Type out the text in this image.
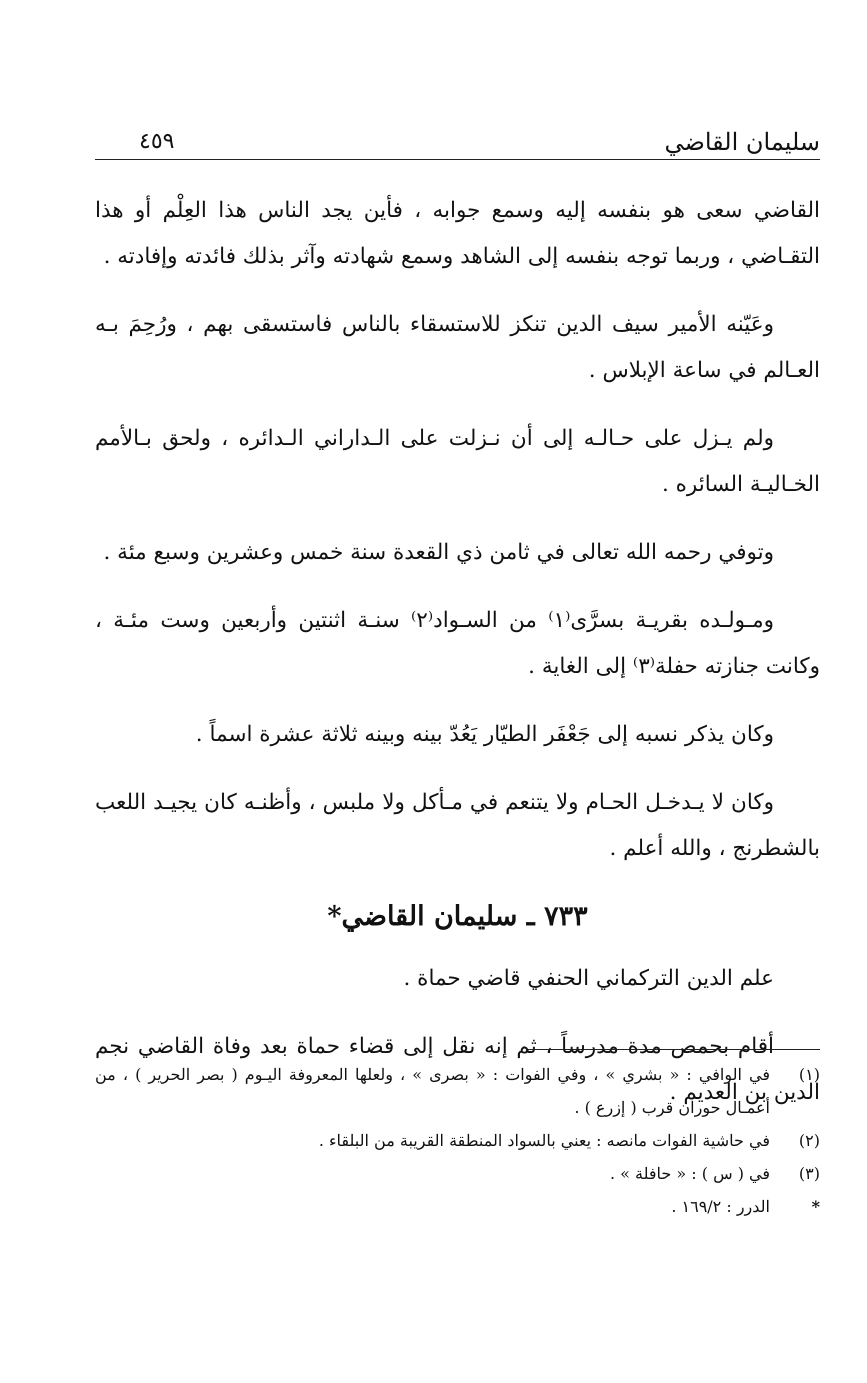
سليمان القاضي
٤٥٩

القاضي سعى هو بنفسه إليه وسمع جوابه ، فأين يجد الناس هذا العِلْم أو هذا التقـاضي ، وربما توجه بنفسه إلى الشاهد وسمع شهادته وآثر بذلك فائدته وإفادته .

وعَيّنه الأمير سيف الدين تنكز للاستسقاء بالناس فاستسقى بهم ، ورُحِمَ بـه العـالم في ساعة الإبلاس .

ولم يـزل على حـالـه إلى أن نـزلت على الـداراني الـدائره ، ولحق بـالأمم الخـاليـة السائره .

وتوفي رحمه الله تعالى في ثامن ذي القعدة سنة خمس وعشرين وسبع مئة .

ومـولـده بقريـة بسرَّى⁽١⁾ من السـواد⁽٢⁾ سنـة اثنتين وأربعين وست مئـة ، وكانت جنازته حفلة⁽٣⁾ إلى الغاية .

وكان يذكر نسبه إلى جَعْفَر الطيّار يَعُدّ بينه وبينه ثلاثة عشرة اسماً .

وكان لا يـدخـل الحـام ولا يتنعم في مـأكل ولا ملبس ، وأظنـه كان يجيـد اللعب بالشطرنج ، والله أعلم .

٧٣٣ ـ سليمان القاضي*

علم الدين التركماني الحنفي قاضي حماة .

أقام بحمص مدة مدرساً ، ثم إنه نقل إلى قضاء حماة بعد وفاة القاضي نجم الدين بن العديم .

(١)
في الوافي : « بشري » ، وفي الفوات : « بصرى » ، ولعلها المعروفة اليـوم ( بصر الحرير ) ، من أعمـال حوران قرب ( إزرع ) .
(٢)
في حاشية الفوات مانصه : يعني بالسواد المنطقة القريبة من البلقاء .
(٣)
في ( س ) : « حافلة » .
*
الدرر : ١٦٩/٢ .
